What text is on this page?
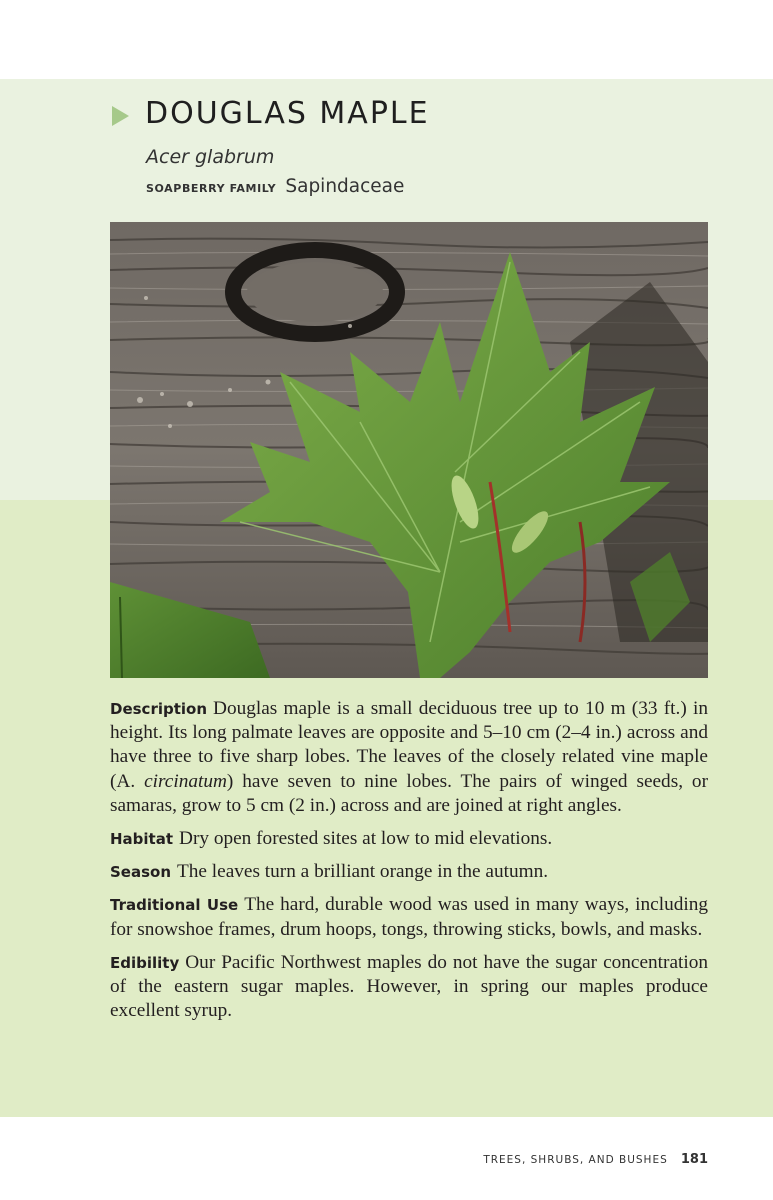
DOUGLAS MAPLE
Acer glabrum
SOAPBERRY FAMILY Sapindaceae

Description Douglas maple is a small deciduous tree up to 10 m (33 ft.) in height. Its long palmate leaves are opposite and 5–10 cm (2–4 in.) across and have three to five sharp lobes. The leaves of the closely related vine maple (A. circinatum) have seven to nine lobes. The pairs of winged seeds, or samaras, grow to 5 cm (2 in.) across and are joined at right angles.

Habitat Dry open forested sites at low to mid elevations.

Season The leaves turn a brilliant orange in the autumn.

Traditional Use The hard, durable wood was used in many ways, including for snowshoe frames, drum hoops, tongs, throwing sticks, bowls, and masks.

Edibility Our Pacific Northwest maples do not have the sugar concentration of the eastern sugar maples. However, in spring our maples produce excellent syrup.

TREES, SHRUBS, AND BUSHES 181
